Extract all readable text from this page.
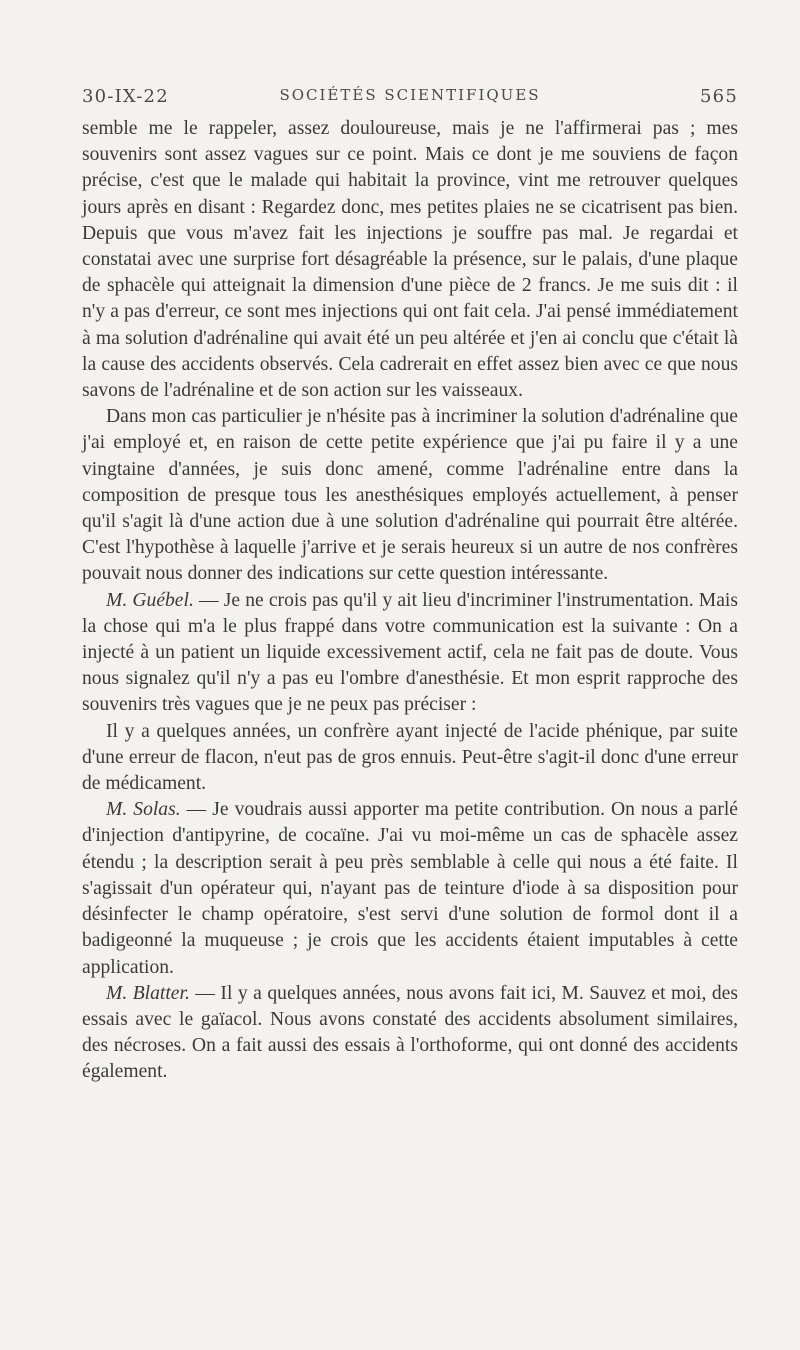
30-IX-22	SOCIÉTÉS SCIENTIFIQUES	565

semble me le rappeler, assez douloureuse, mais je ne l'affirmerai pas ; mes souvenirs sont assez vagues sur ce point. Mais ce dont je me souviens de façon précise, c'est que le malade qui habitait la province, vint me retrouver quelques jours après en disant : Regardez donc, mes petites plaies ne se cicatrisent pas bien. Depuis que vous m'avez fait les injections je souffre pas mal. Je regardai et constatai avec une surprise fort désagréable la présence, sur le palais, d'une plaque de sphacèle qui atteignait la dimension d'une pièce de 2 francs. Je me suis dit : il n'y a pas d'erreur, ce sont mes injections qui ont fait cela. J'ai pensé immédiatement à ma solution d'adrénaline qui avait été un peu altérée et j'en ai conclu que c'était là la cause des accidents observés. Cela cadrerait en effet assez bien avec ce que nous savons de l'adrénaline et de son action sur les vaisseaux.

Dans mon cas particulier je n'hésite pas à incriminer la solution d'adrénaline que j'ai employé et, en raison de cette petite expérience que j'ai pu faire il y a une vingtaine d'années, je suis donc amené, comme l'adrénaline entre dans la composition de presque tous les anesthésiques employés actuellement, à penser qu'il s'agit là d'une action due à une solution d'adrénaline qui pourrait être altérée. C'est l'hypothèse à laquelle j'arrive et je serais heureux si un autre de nos confrères pouvait nous donner des indications sur cette question intéressante.

M. Guébel. — Je ne crois pas qu'il y ait lieu d'incriminer l'instrumentation. Mais la chose qui m'a le plus frappé dans votre communication est la suivante : On a injecté à un patient un liquide excessivement actif, cela ne fait pas de doute. Vous nous signalez qu'il n'y a pas eu l'ombre d'anesthésie. Et mon esprit rapproche des souvenirs très vagues que je ne peux pas préciser :

Il y a quelques années, un confrère ayant injecté de l'acide phénique, par suite d'une erreur de flacon, n'eut pas de gros ennuis. Peut-être s'agit-il donc d'une erreur de médicament.

M. Solas. — Je voudrais aussi apporter ma petite contribution. On nous a parlé d'injection d'antipyrine, de cocaïne. J'ai vu moi-même un cas de sphacèle assez étendu ; la description serait à peu près semblable à celle qui nous a été faite. Il s'agissait d'un opérateur qui, n'ayant pas de teinture d'iode à sa disposition pour désinfecter le champ opératoire, s'est servi d'une solution de formol dont il a badigeonné la muqueuse ; je crois que les accidents étaient imputables à cette application.

M. Blatter. — Il y a quelques années, nous avons fait ici, M. Sauvez et moi, des essais avec le gaïacol. Nous avons constaté des accidents absolument similaires, des nécroses. On a fait aussi des essais à l'orthoforme, qui ont donné des accidents également.
